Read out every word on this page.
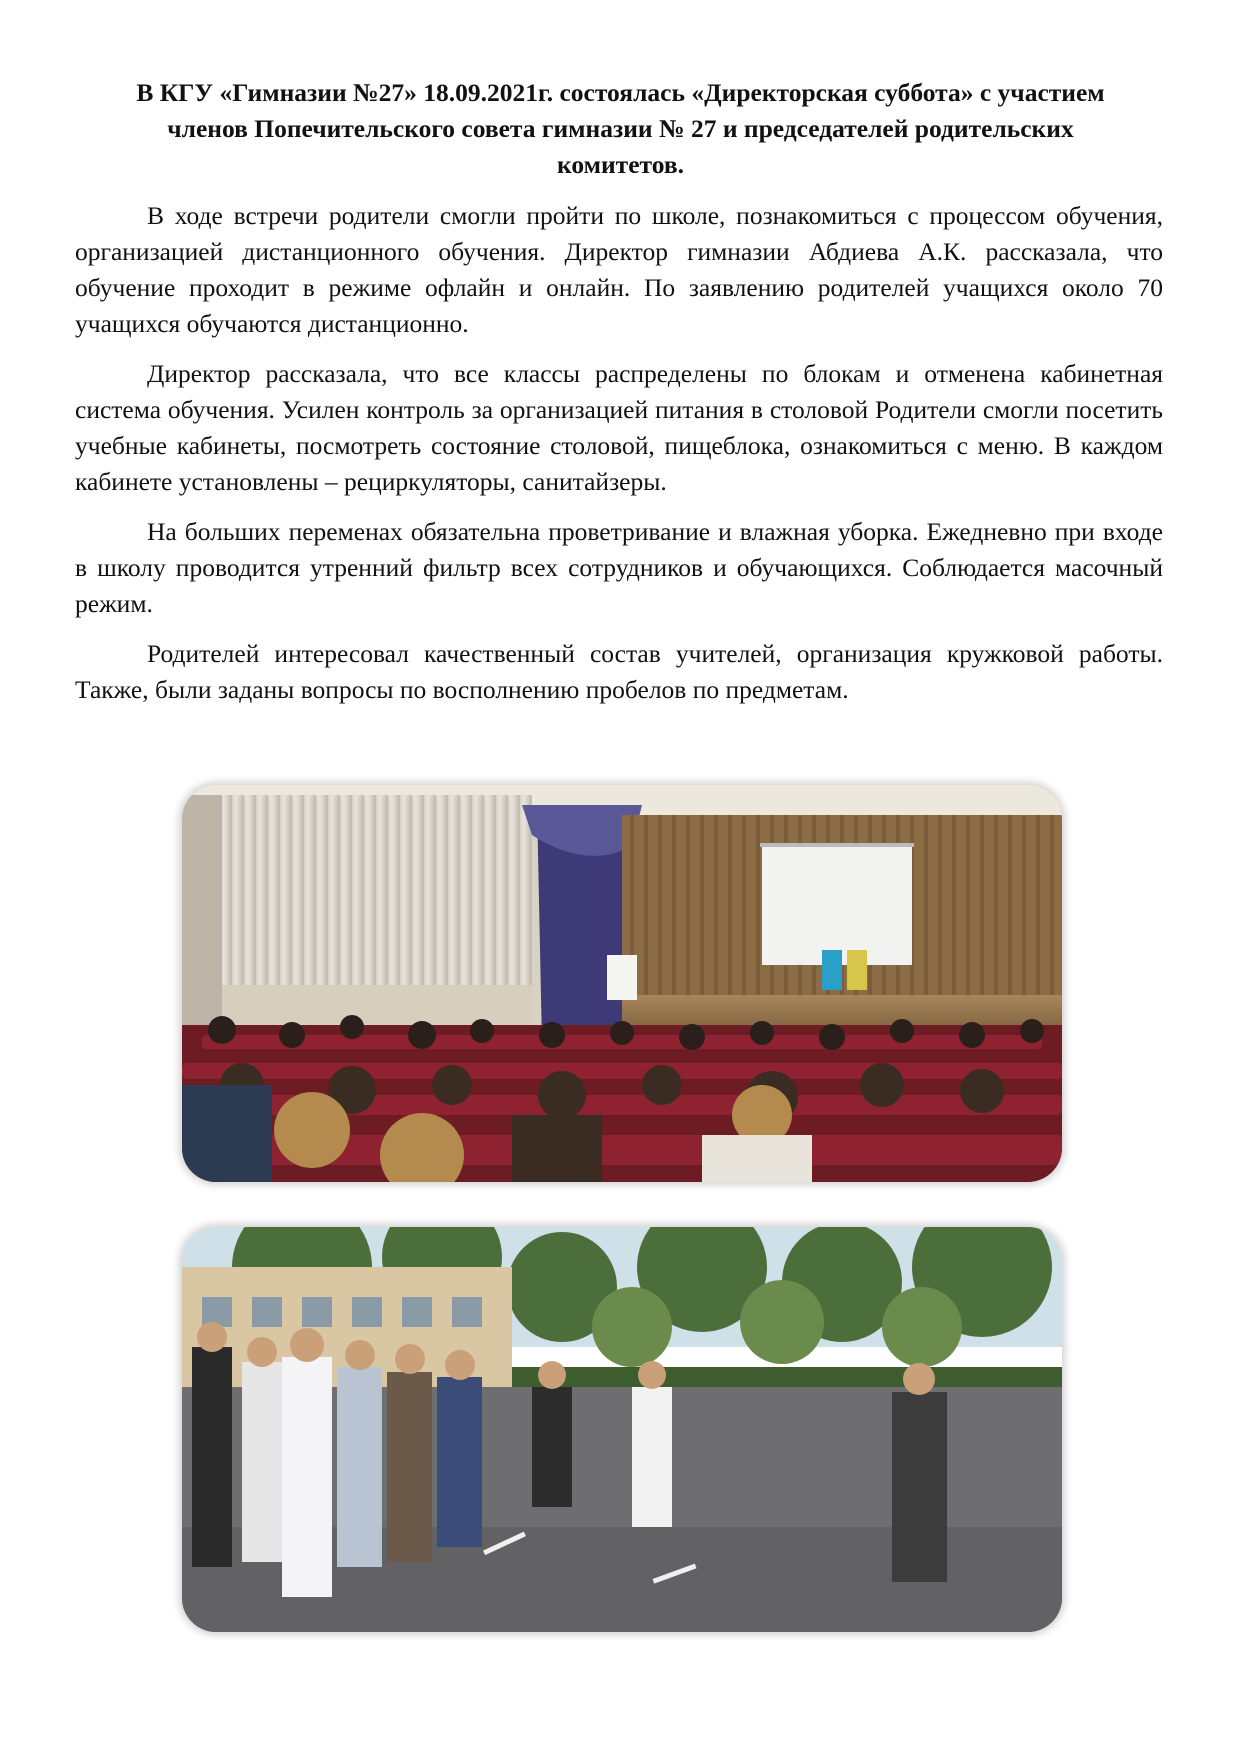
В КГУ «Гимназии №27» 18.09.2021г. состоялась «Директорская суббота» с участием членов Попечительского совета гимназии № 27 и председателей родительских комитетов.

В ходе встречи родители смогли пройти по школе, познакомиться с процессом обучения, организацией дистанционного обучения. Директор гимназии Абдиева А.К. рассказала, что обучение проходит в режиме офлайн и онлайн. По заявлению родителей учащихся около 70 учащихся обучаются дистанционно.

Директор рассказала, что все классы распределены по блокам и отменена кабинетная система обучения. Усилен контроль за организацией питания в столовой Родители смогли посетить учебные кабинеты, посмотреть состояние столовой, пищеблока, ознакомиться с меню. В каждом кабинете установлены – рециркуляторы, санитайзеры.

На больших переменах обязательна проветривание и влажная уборка. Ежедневно при входе в школу проводится утренний фильтр всех сотрудников и обучающихся. Соблюдается масочный режим.

Родителей интересовал качественный состав учителей, организация кружковой работы. Также, были заданы вопросы по восполнению пробелов по предметам.
